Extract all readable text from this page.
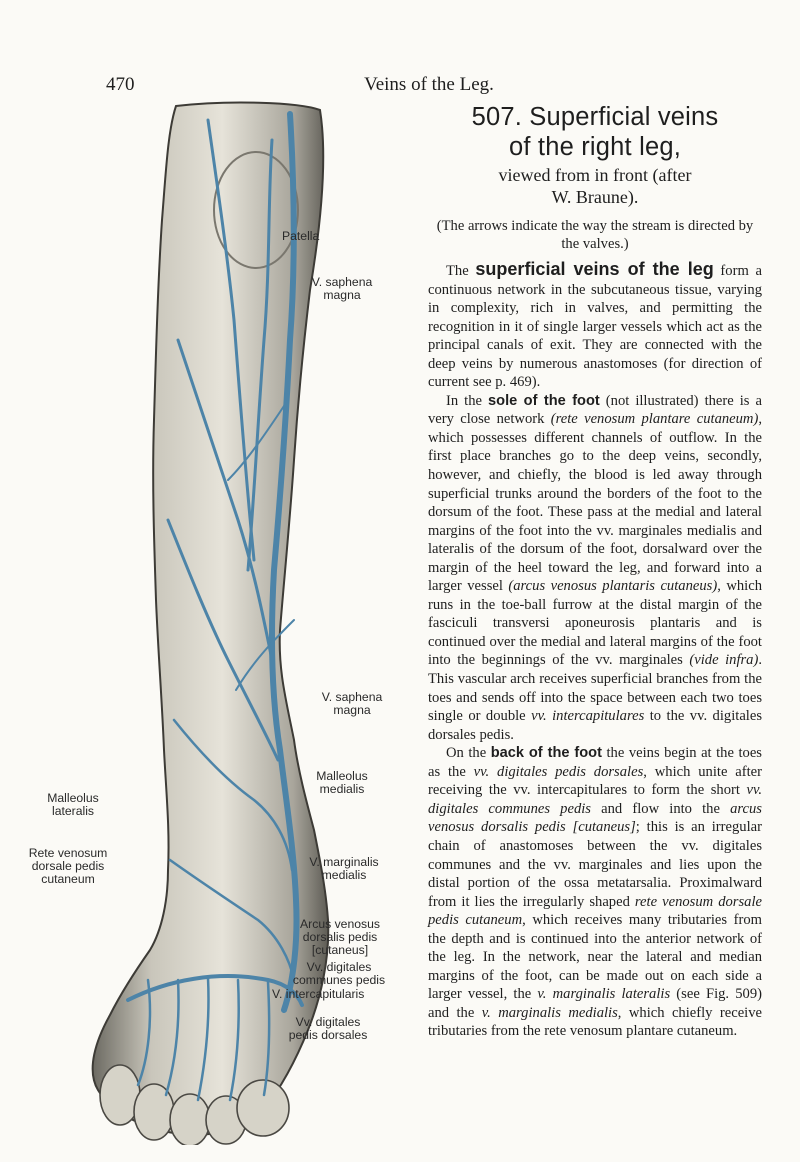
470	Veins of the Leg.
Patella
V. saphena
magna
V. saphena
magna
Malleolus
medialis
Malleolus
lateralis
Rete venosum
dorsale pedis
cutaneum
V. marginalis
medialis
Arcus venosus
dorsalis pedis
[cutaneus]
Vv. digitales
communes pedis
V. intercapitularis
Vv. digitales
pedis dorsales
507. Superficial veins
of the right leg,
viewed from in front (after
W. Braune).
(The arrows indicate the way the stream is directed by the valves.)

The superficial veins of the leg form a continuous network in the subcutaneous tissue, varying in complexity, rich in valves, and permitting the recognition in it of single larger vessels which act as the principal canals of exit. They are connected with the deep veins by numerous anastomoses (for direction of current see p. 469).

In the sole of the foot (not illustrated) there is a very close network (rete venosum plantare cutaneum), which possesses different channels of outflow. In the first place branches go to the deep veins, secondly, however, and chiefly, the blood is led away through superficial trunks around the borders of the foot to the dorsum of the foot. These pass at the medial and lateral margins of the foot into the vv. marginales medialis and lateralis of the dorsum of the foot, dorsalward over the margin of the heel toward the leg, and forward into a larger vessel (arcus venosus plantaris cutaneus), which runs in the toe-ball furrow at the distal margin of the fasciculi transversi aponeurosis plantaris and is continued over the medial and lateral margins of the foot into the beginnings of the vv. marginales (vide infra). This vascular arch receives superficial branches from the toes and sends off into the space between each two toes single or double vv. intercapitulares to the vv. digitales dorsales pedis.

On the back of the foot the veins begin at the toes as the vv. digitales pedis dorsales, which unite after receiving the vv. intercapitulares to form the short vv. digitales communes pedis and flow into the arcus venosus dorsalis pedis [cutaneus]; this is an irregular chain of anastomoses between the vv. digitales communes and the vv. marginales and lies upon the distal portion of the ossa metatarsalia. Proximalward from it lies the irregularly shaped rete venosum dorsale pedis cutaneum, which receives many tributaries from the depth and is continued into the anterior network of the leg. In the network, near the lateral and median margins of the foot, can be made out on each side a larger vessel, the v. marginalis lateralis (see Fig. 509) and the v. marginalis medialis, which chiefly receive tributaries from the rete venosum plantare cutaneum.
